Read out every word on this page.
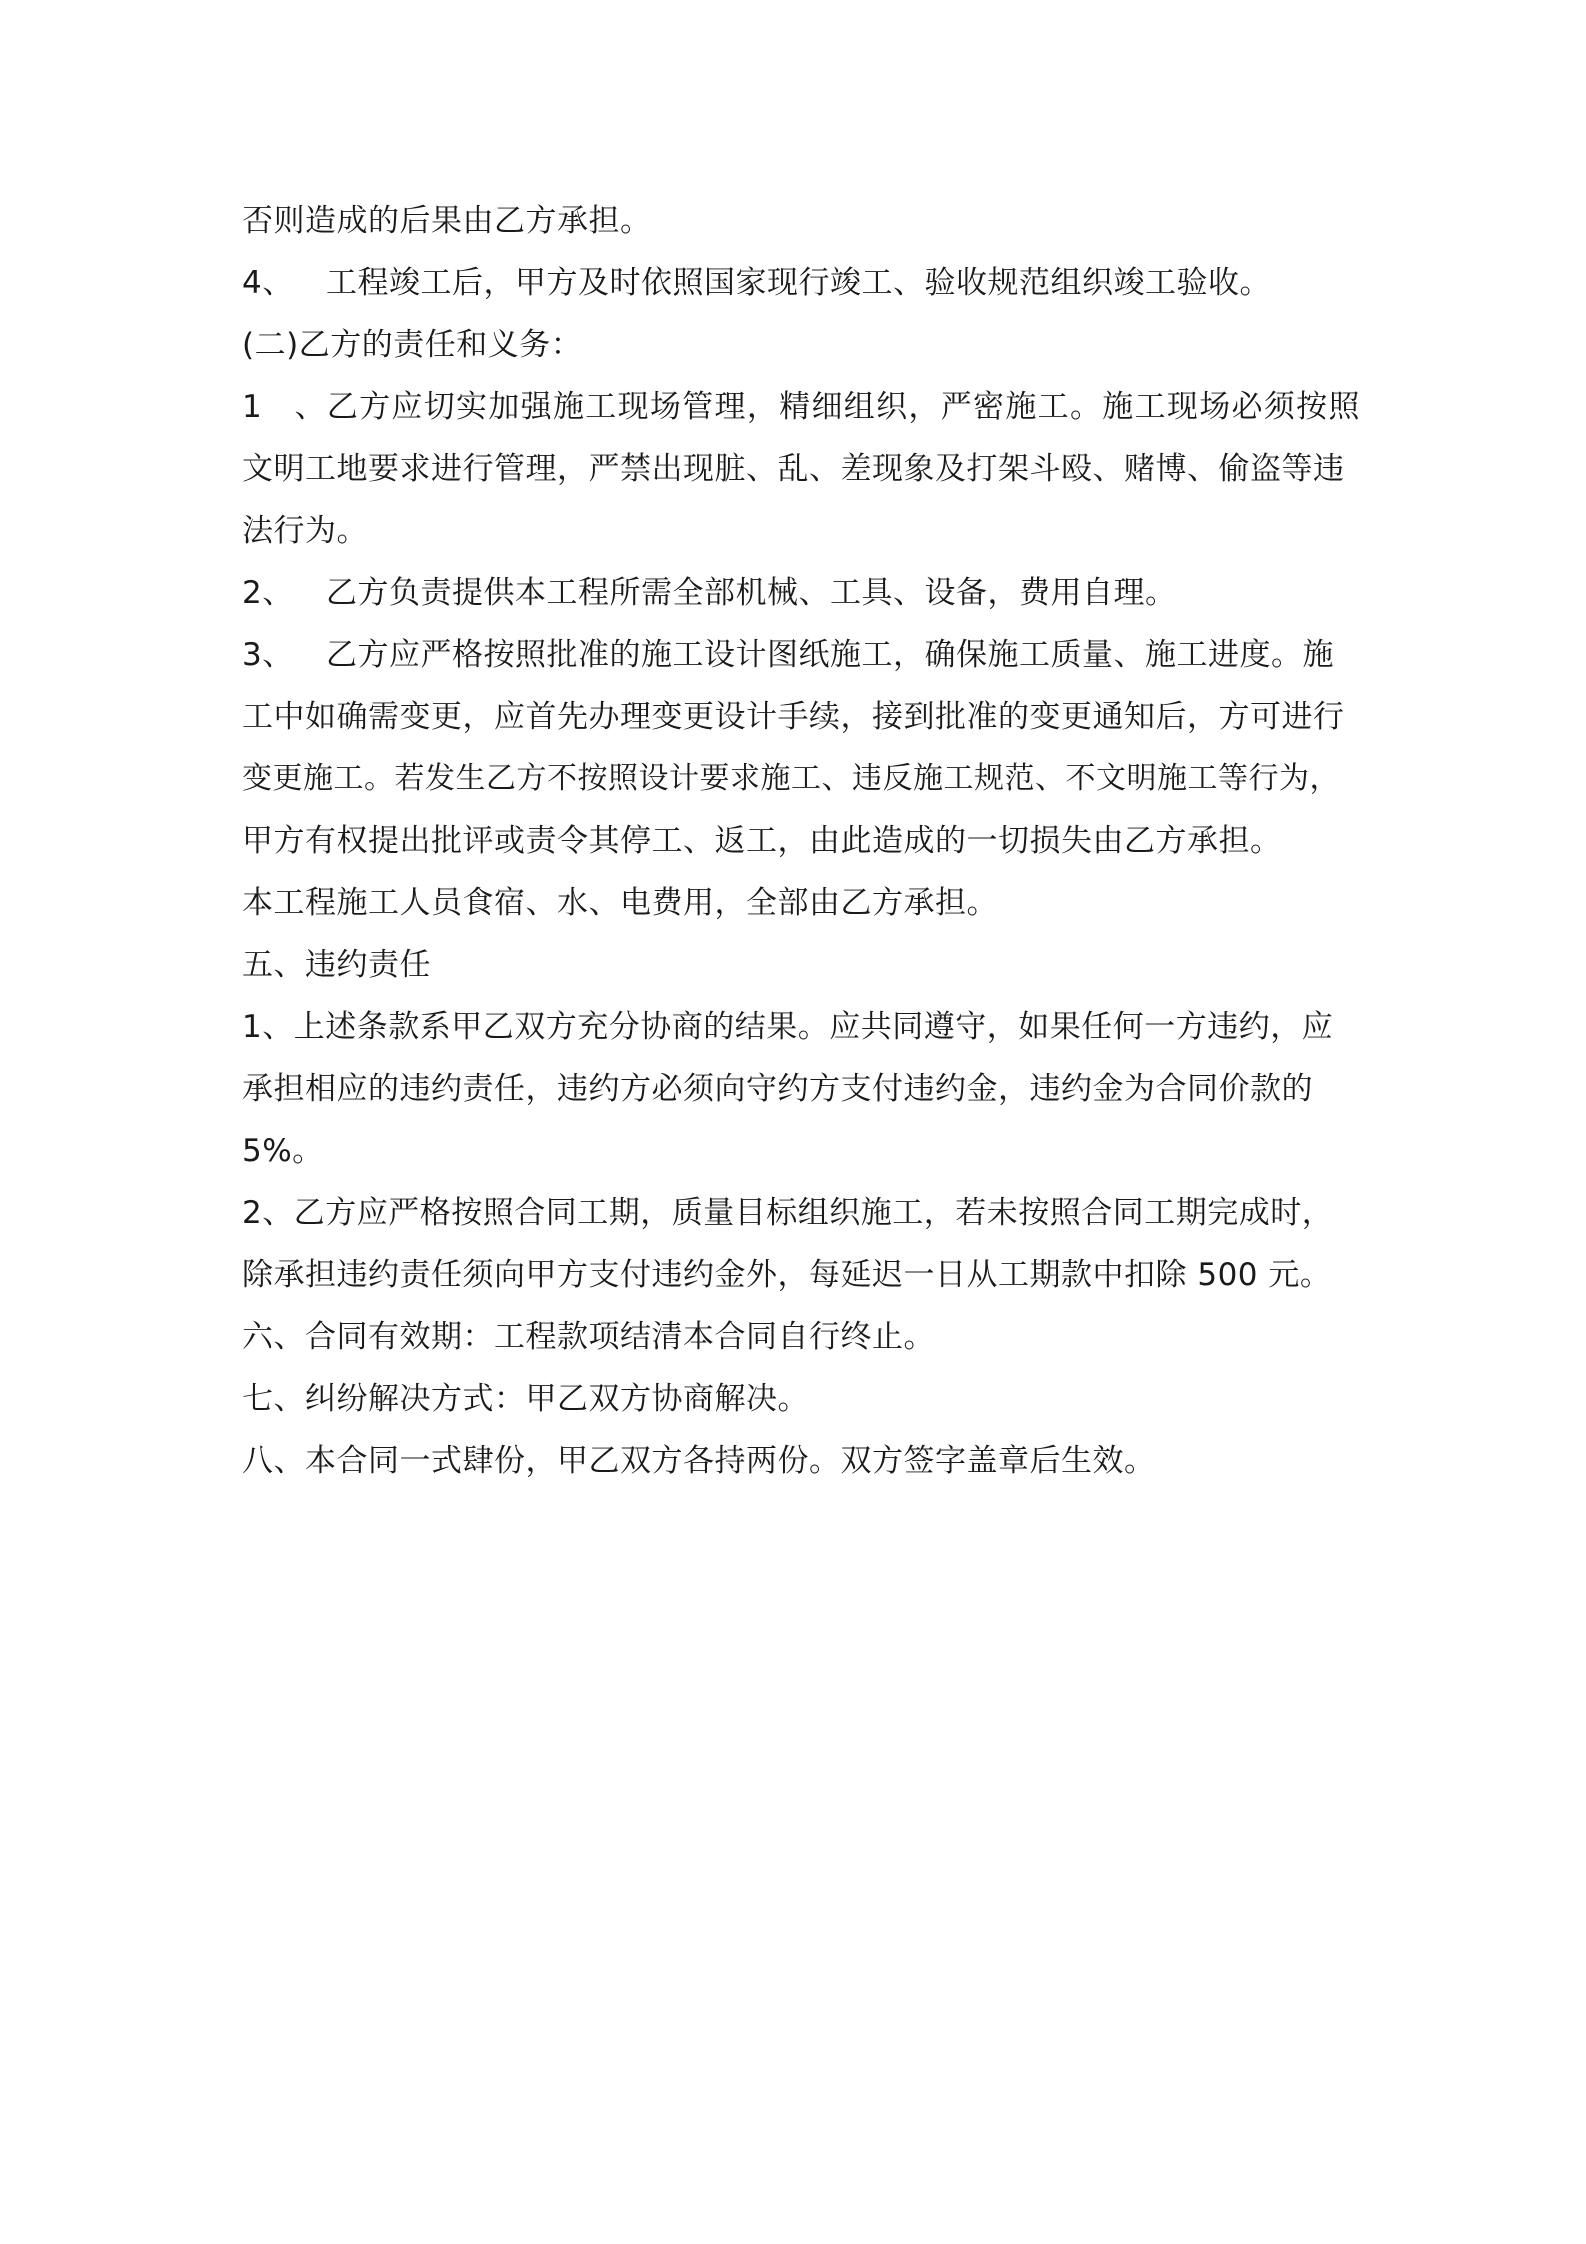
否则造成的后果由乙方承担。
4、 工程竣工后，甲方及时依照国家现行竣工、验收规范组织竣工验收。
(二)乙方的责任和义务：
1、乙方应切实加强施工现场管理，精细组织，严密施工。施工现场必须按照
文明工地要求进行管理，严禁出现脏、乱、差现象及打架斗殴、赌博、偷盗等违
法行为。
2、 乙方负责提供本工程所需全部机械、工具、设备，费用自理。
3、 乙方应严格按照批准的施工设计图纸施工，确保施工质量、施工进度。施
工中如确需变更，应首先办理变更设计手续，接到批准的变更通知后，方可进行
变更施工。若发生乙方不按照设计要求施工、违反施工规范、不文明施工等行为，
甲方有权提出批评或责令其停工、返工，由此造成的一切损失由乙方承担。
本工程施工人员食宿、水、电费用，全部由乙方承担。
五、违约责任
1、上述条款系甲乙双方充分协商的结果。应共同遵守，如果任何一方违约，应
承担相应的违约责任，违约方必须向守约方支付违约金，违约金为合同价款的
5%。
2、乙方应严格按照合同工期，质量目标组织施工，若未按照合同工期完成时，
除承担违约责任须向甲方支付违约金外，每延迟一日从工期款中扣除 500 元。
六、合同有效期：工程款项结清本合同自行终止。
七、纠纷解决方式：甲乙双方协商解决。
八、本合同一式肆份，甲乙双方各持两份。双方签字盖章后生效。
